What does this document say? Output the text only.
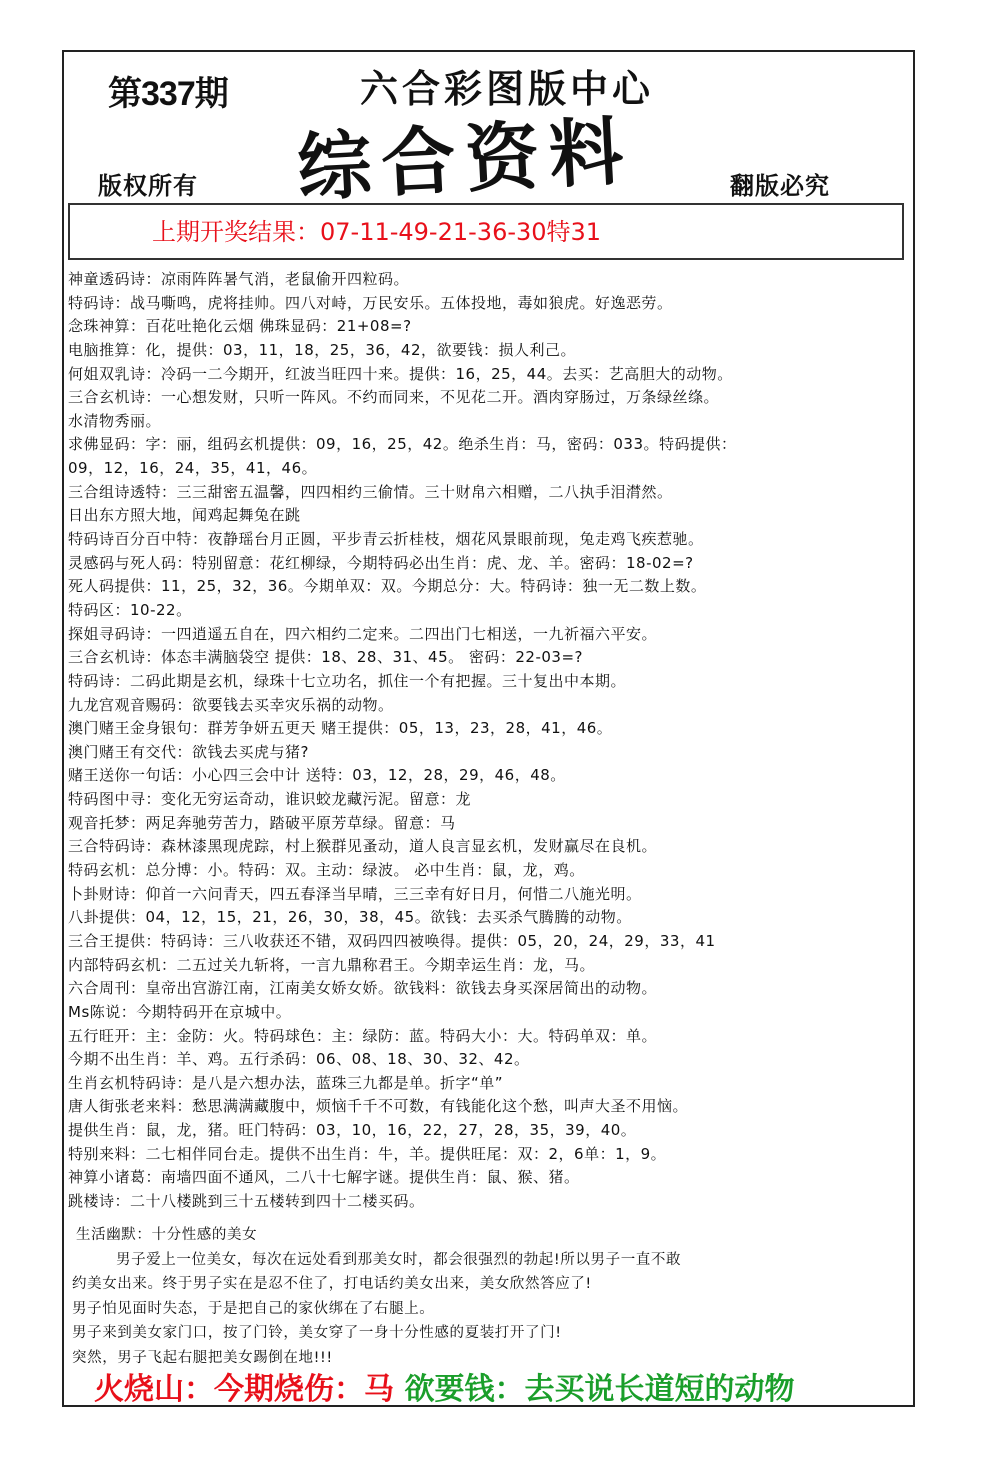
第337期	六合彩图版中心
综合资料
版权所有	翻版必究
上期开奖结果：07-11-49-21-36-30特31
神童透码诗：凉雨阵阵暑气消，老鼠偷开四粒码。
特码诗：战马嘶鸣，虎将挂帅。四八对峙，万民安乐。五体投地，毒如狼虎。好逸恶劳。
念珠神算：百花吐艳化云烟 佛珠显码：21+08=?
电脑推算：化，提供：03，11，18，25，36，42，欲要钱：损人利己。
何姐双乳诗：冷码一二今期开，红波当旺四十来。提供：16，25，44。去买：艺高胆大的动物。
三合玄机诗：一心想发财，只听一阵风。不约而同来，不见花二开。酒肉穿肠过，万条绿丝绦。
水清物秀丽。
求佛显码：字：丽，组码玄机提供：09，16，25，42。绝杀生肖：马，密码：033。特码提供：
09，12，16，24，35，41，46。
三合组诗透特：三三甜密五温馨，四四相约三偷情。三十财帛六相赠，二八执手泪潸然。
日出东方照大地，闻鸡起舞兔在跳
特码诗百分百中特：夜静瑶台月正圆，平步青云折桂枝，烟花风景眼前现，兔走鸡飞疾惹驰。
灵感码与死人码：特别留意：花红柳绿，今期特码必出生肖：虎、龙、羊。密码：18-02=?
死人码提供：11，25，32，36。今期单双：双。今期总分：大。特码诗：独一无二数上数。
特码区：10-22。
探姐寻码诗：一四逍遥五自在，四六相约二定来。二四出门七相送，一九祈福六平安。
三合玄机诗：体态丰满脑袋空 提供：18、28、31、45。 密码：22-03=?
特码诗：二码此期是玄机，绿珠十七立功名，抓住一个有把握。三十复出中本期。
九龙宫观音赐码：欲要钱去买幸灾乐祸的动物。
澳门赌王金身银句：群芳争妍五更天 赌王提供：05，13，23，28，41，46。
澳门赌王有交代：欲钱去买虎与猪?
赌王送你一句话：小心四三会中计 送特：03，12，28，29，46，48。
特码图中寻：变化无穷运奇动，谁识蛟龙藏污泥。留意：龙
观音托梦：两足奔驰劳苦力，踏破平原芳草绿。留意：马
三合特码诗：森林漆黑现虎踪，村上猴群见蚤动，道人良言显玄机，发财赢尽在良机。
特码玄机：总分博：小。特码：双。主动：绿波。 必中生肖：鼠，龙，鸡。
卜卦财诗：仰首一六问青天，四五春泽当早晴，三三幸有好日月，何惜二八施光明。
八卦提供：04，12，15，21，26，30，38，45。欲钱：去买杀气腾腾的动物。
三合王提供：特码诗：三八收获还不错，双码四四被唤得。提供：05，20，24，29，33，41
内部特码玄机：二五过关九斩将，一言九鼎称君王。今期幸运生肖：龙，马。
六合周刊：皇帝出宫游江南，江南美女娇女娇。欲钱料：欲钱去身买深居简出的动物。
Ms陈说：今期特码开在京城中。
五行旺开：主：金防：火。特码球色：主：绿防：蓝。特码大小：大。特码单双：单。
今期不出生肖：羊、鸡。五行杀码：06、08、18、30、32、42。
生肖玄机特码诗：是八是六想办法，蓝珠三九都是单。折字“单”
唐人街张老来料：愁思满满藏腹中，烦恼千千不可数，有钱能化这个愁，叫声大圣不用恼。
提供生肖：鼠，龙，猪。旺门特码：03，10，16，22，27，28，35，39，40。
特别来料：二七相伴同台走。提供不出生肖：牛，羊。提供旺尾：双：2，6单：1，9。
神算小诸葛：南墙四面不通风，二八十七解字谜。提供生肖：鼠、猴、猪。
跳楼诗：二十八楼跳到三十五楼转到四十二楼买码。
生活幽默：十分性感的美女
男子爱上一位美女，每次在远处看到那美女时，都会很强烈的勃起!所以男子一直不敢
约美女出来。终于男子实在是忍不住了，打电话约美女出来，美女欣然答应了!
男子怕见面时失态，于是把自己的家伙绑在了右腿上。
男子来到美女家门口，按了门铃，美女穿了一身十分性感的夏装打开了门!
突然，男子飞起右腿把美女踢倒在地!!!
火烧山：今期烧伤：马 欲要钱：去买说长道短的动物
